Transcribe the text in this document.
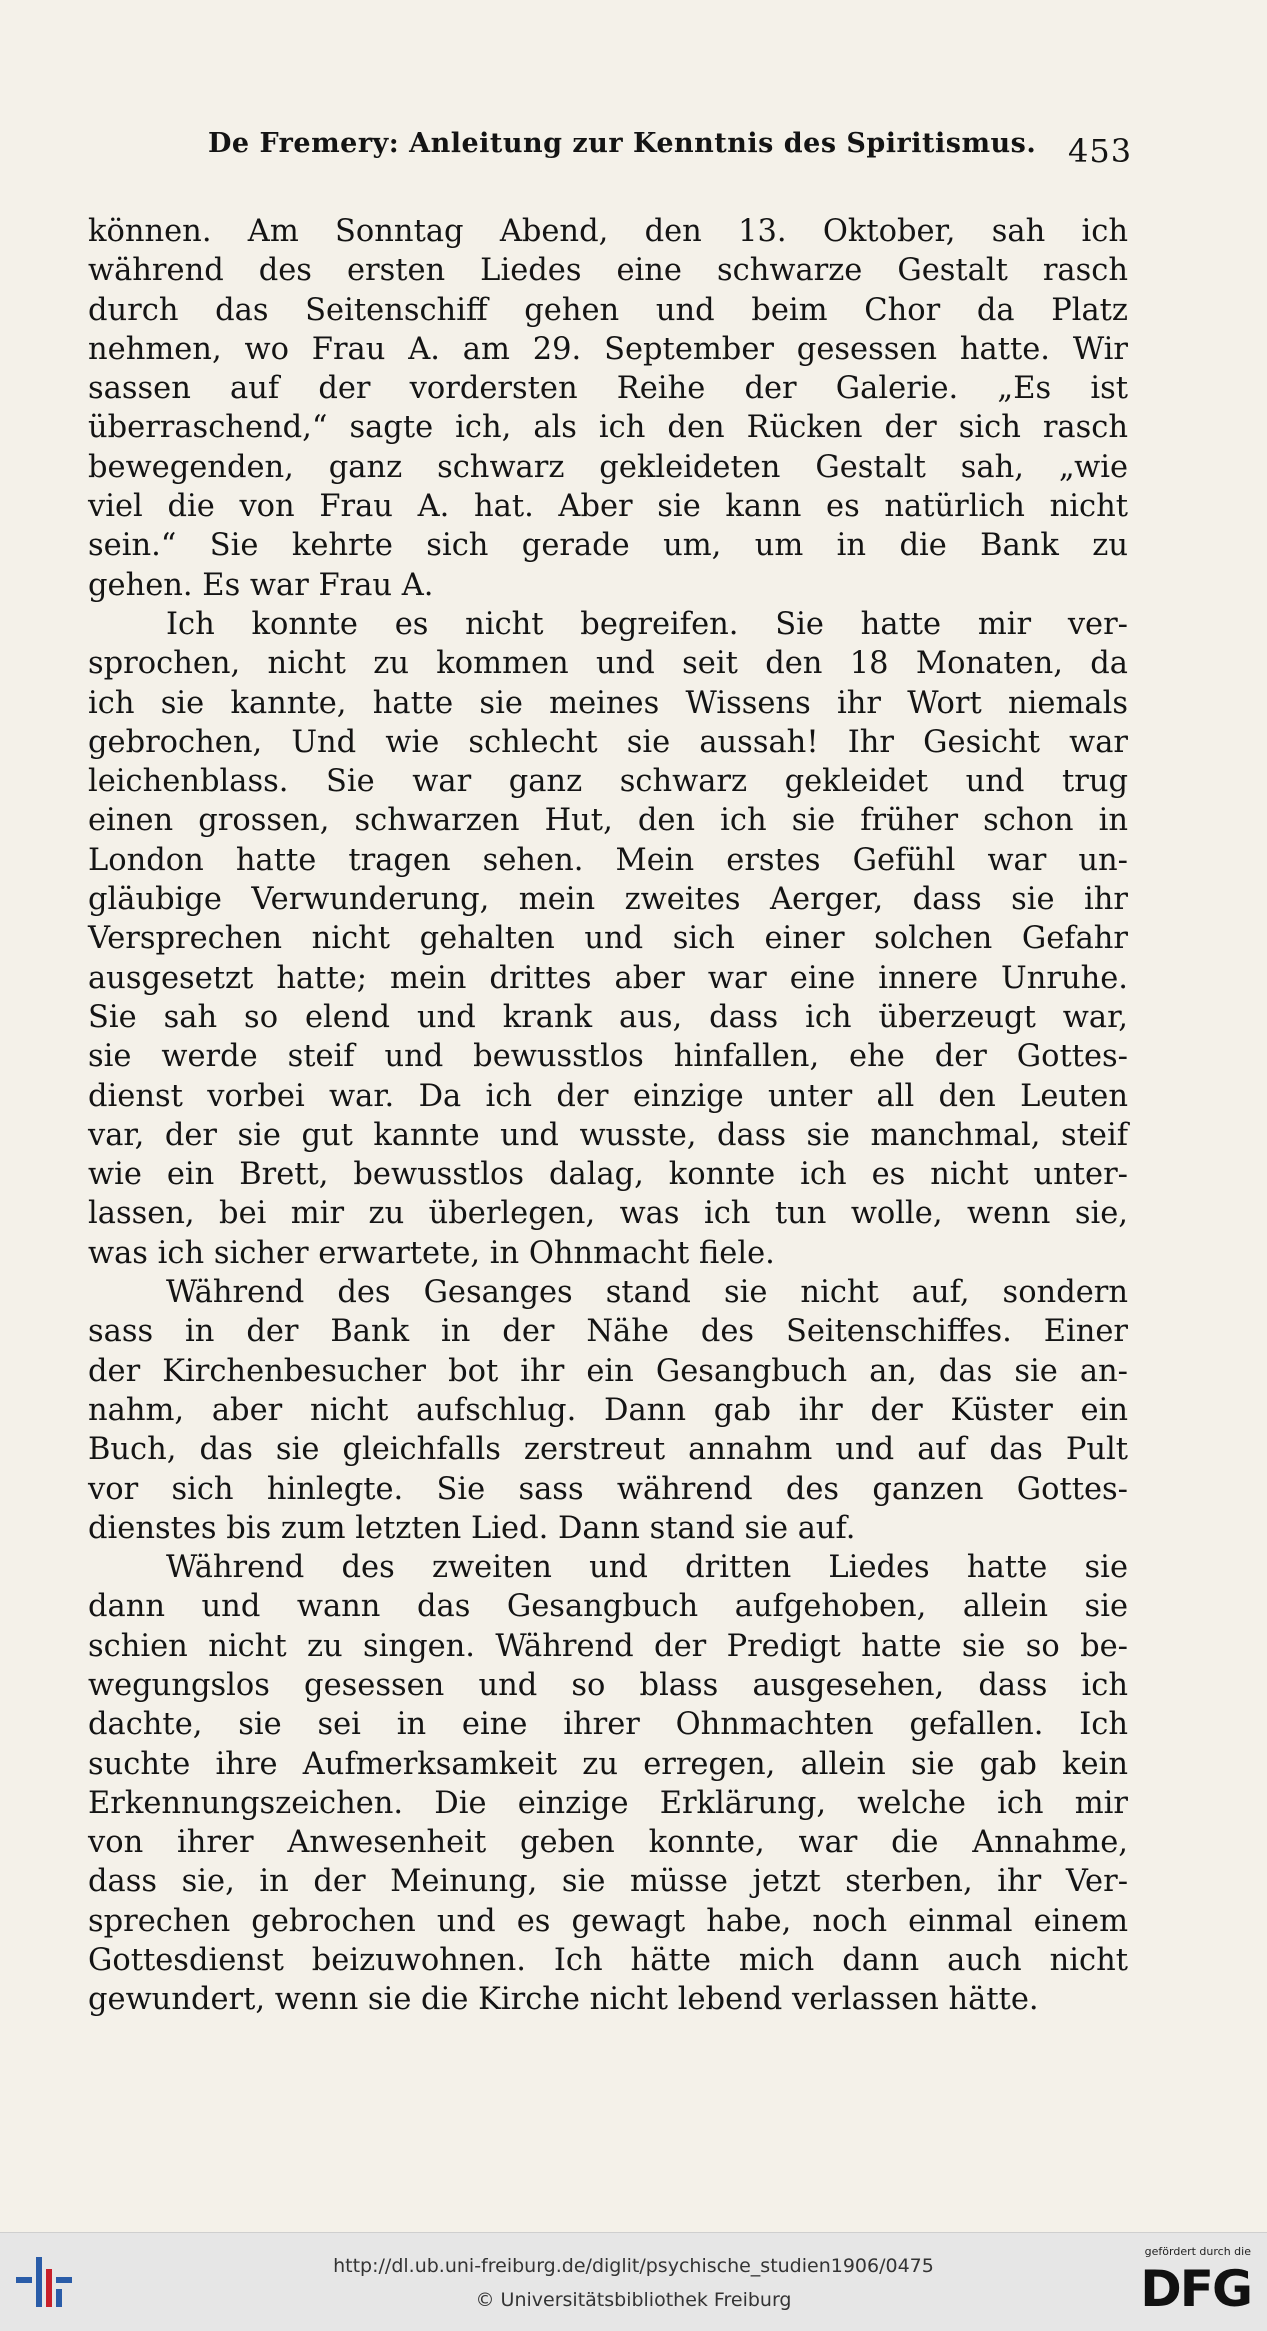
De Fremery: Anleitung zur Kenntnis des Spiritismus. 453

können. Am Sonntag Abend, den 13. Oktober, sah ich
während des ersten Liedes eine schwarze Gestalt rasch
durch das Seitenschiff gehen und beim Chor da Platz
nehmen, wo Frau A. am 29. September gesessen hatte. Wir
sassen auf der vordersten Reihe der Galerie. „Es ist
überraschend,“ sagte ich, als ich den Rücken der sich rasch
bewegenden, ganz schwarz gekleideten Gestalt sah, „wie
viel die von Frau A. hat. Aber sie kann es natürlich nicht
sein.“ Sie kehrte sich gerade um, um in die Bank zu
gehen. Es war Frau A.

Ich konnte es nicht begreifen. Sie hatte mir ver-
sprochen, nicht zu kommen und seit den 18 Monaten, da
ich sie kannte, hatte sie meines Wissens ihr Wort niemals
gebrochen, Und wie schlecht sie aussah! Ihr Gesicht war
leichenblass. Sie war ganz schwarz gekleidet und trug
einen grossen, schwarzen Hut, den ich sie früher schon in
London hatte tragen sehen. Mein erstes Gefühl war un-
gläubige Verwunderung, mein zweites Aerger, dass sie ihr
Versprechen nicht gehalten und sich einer solchen Gefahr
ausgesetzt hatte; mein drittes aber war eine innere Unruhe.
Sie sah so elend und krank aus, dass ich überzeugt war,
sie werde steif und bewusstlos hinfallen, ehe der Gottes-
dienst vorbei war. Da ich der einzige unter all den Leuten
var, der sie gut kannte und wusste, dass sie manchmal, steif
wie ein Brett, bewusstlos dalag, konnte ich es nicht unter-
lassen, bei mir zu überlegen, was ich tun wolle, wenn sie,
was ich sicher erwartete, in Ohnmacht fiele.

Während des Gesanges stand sie nicht auf, sondern
sass in der Bank in der Nähe des Seitenschiffes. Einer
der Kirchenbesucher bot ihr ein Gesangbuch an, das sie an-
nahm, aber nicht aufschlug. Dann gab ihr der Küster ein
Buch, das sie gleichfalls zerstreut annahm und auf das Pult
vor sich hinlegte. Sie sass während des ganzen Gottes-
dienstes bis zum letzten Lied. Dann stand sie auf.

Während des zweiten und dritten Liedes hatte sie
dann und wann das Gesangbuch aufgehoben, allein sie
schien nicht zu singen. Während der Predigt hatte sie so be-
wegungslos gesessen und so blass ausgesehen, dass ich
dachte, sie sei in eine ihrer Ohnmachten gefallen. Ich
suchte ihre Aufmerksamkeit zu erregen, allein sie gab kein
Erkennungszeichen. Die einzige Erklärung, welche ich mir
von ihrer Anwesenheit geben konnte, war die Annahme,
dass sie, in der Meinung, sie müsse jetzt sterben, ihr Ver-
sprechen gebrochen und es gewagt habe, noch einmal einem
Gottesdienst beizuwohnen. Ich hätte mich dann auch nicht
gewundert, wenn sie die Kirche nicht lebend verlassen hätte.

http://dl.ub.uni-freiburg.de/diglit/psychische_studien1906/0475
© Universitätsbibliothek Freiburg
gefördert durch die
DFG
